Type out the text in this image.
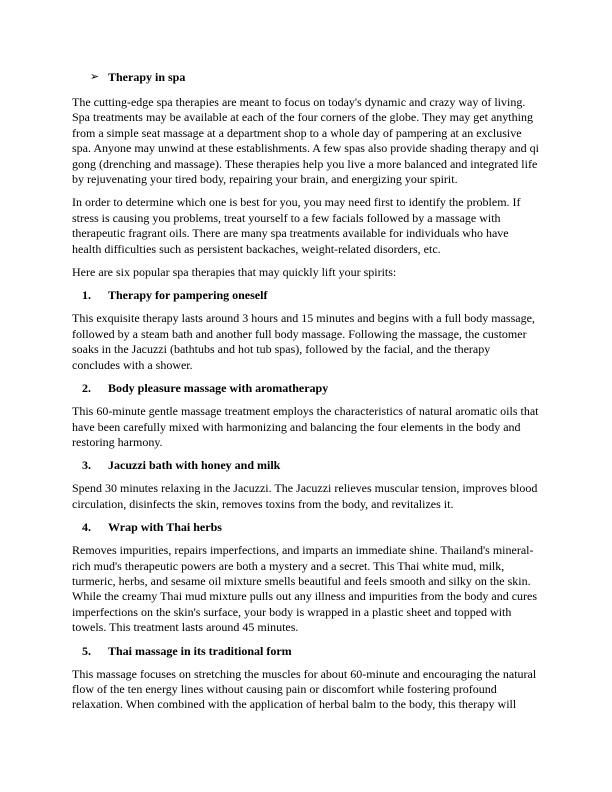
➢ Therapy in spa

The cutting-edge spa therapies are meant to focus on today's dynamic and crazy way of living. Spa treatments may be available at each of the four corners of the globe. They may get anything from a simple seat massage at a department shop to a whole day of pampering at an exclusive spa. Anyone may unwind at these establishments. A few spas also provide shading therapy and qi gong (drenching and massage). These therapies help you live a more balanced and integrated life by rejuvenating your tired body, repairing your brain, and energizing your spirit.

In order to determine which one is best for you, you may need first to identify the problem. If stress is causing you problems, treat yourself to a few facials followed by a massage with therapeutic fragrant oils. There are many spa treatments available for individuals who have health difficulties such as persistent backaches, weight-related disorders, etc.

Here are six popular spa therapies that may quickly lift your spirits:

1.	Therapy for pampering oneself

This exquisite therapy lasts around 3 hours and 15 minutes and begins with a full body massage, followed by a steam bath and another full body massage. Following the massage, the customer soaks in the Jacuzzi (bathtubs and hot tub spas), followed by the facial, and the therapy concludes with a shower.

2.	Body pleasure massage with aromatherapy

This 60-minute gentle massage treatment employs the characteristics of natural aromatic oils that have been carefully mixed with harmonizing and balancing the four elements in the body and restoring harmony.

3.	Jacuzzi bath with honey and milk

Spend 30 minutes relaxing in the Jacuzzi. The Jacuzzi relieves muscular tension, improves blood circulation, disinfects the skin, removes toxins from the body, and revitalizes it.

4.	Wrap with Thai herbs

Removes impurities, repairs imperfections, and imparts an immediate shine. Thailand's mineral-rich mud's therapeutic powers are both a mystery and a secret. This Thai white mud, milk, turmeric, herbs, and sesame oil mixture smells beautiful and feels smooth and silky on the skin. While the creamy Thai mud mixture pulls out any illness and impurities from the body and cures imperfections on the skin's surface, your body is wrapped in a plastic sheet and topped with towels. This treatment lasts around 45 minutes.

5.	Thai massage in its traditional form

This massage focuses on stretching the muscles for about 60-minute and encouraging the natural flow of the ten energy lines without causing pain or discomfort while fostering profound relaxation. When combined with the application of herbal balm to the body, this therapy will
